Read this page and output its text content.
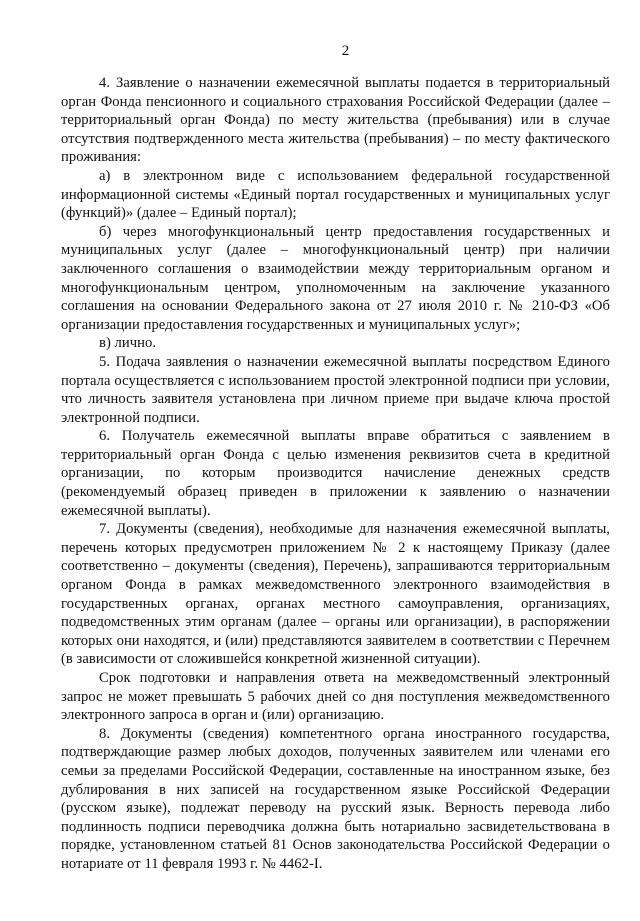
2

4. Заявление о назначении ежемесячной выплаты подается в территориальный орган Фонда пенсионного и социального страхования Российской Федерации (далее – территориальный орган Фонда) по месту жительства (пребывания) или в случае отсутствия подтвержденного места жительства (пребывания) – по месту фактического проживания:

а) в электронном виде с использованием федеральной государственной информационной системы «Единый портал государственных и муниципальных услуг (функций)» (далее – Единый портал);

б) через многофункциональный центр предоставления государственных и муниципальных услуг (далее – многофункциональный центр) при наличии заключенного соглашения о взаимодействии между территориальным органом и многофункциональным центром, уполномоченным на заключение указанного соглашения на основании Федерального закона от 27 июля 2010 г. № 210-ФЗ «Об организации предоставления государственных и муниципальных услуг»;

в) лично.

5. Подача заявления о назначении ежемесячной выплаты посредством Единого портала осуществляется с использованием простой электронной подписи при условии, что личность заявителя установлена при личном приеме при выдаче ключа простой электронной подписи.

6. Получатель ежемесячной выплаты вправе обратиться с заявлением в территориальный орган Фонда с целью изменения реквизитов счета в кредитной организации, по которым производится начисление денежных средств (рекомендуемый образец приведен в приложении к заявлению о назначении ежемесячной выплаты).

7. Документы (сведения), необходимые для назначения ежемесячной выплаты, перечень которых предусмотрен приложением № 2 к настоящему Приказу (далее соответственно – документы (сведения), Перечень), запрашиваются территориальным органом Фонда в рамках межведомственного электронного взаимодействия в государственных органах, органах местного самоуправления, организациях, подведомственных этим органам (далее – органы или организации), в распоряжении которых они находятся, и (или) представляются заявителем в соответствии с Перечнем (в зависимости от сложившейся конкретной жизненной ситуации).

Срок подготовки и направления ответа на межведомственный электронный запрос не может превышать 5 рабочих дней со дня поступления межведомственного электронного запроса в орган и (или) организацию.

8. Документы (сведения) компетентного органа иностранного государства, подтверждающие размер любых доходов, полученных заявителем или членами его семьи за пределами Российской Федерации, составленные на иностранном языке, без дублирования в них записей на государственном языке Российской Федерации (русском языке), подлежат переводу на русский язык. Верность перевода либо подлинность подписи переводчика должна быть нотариально засвидетельствована в порядке, установленном статьей 81 Основ законодательства Российской Федерации о нотариате от 11 февраля 1993 г. № 4462-I.
